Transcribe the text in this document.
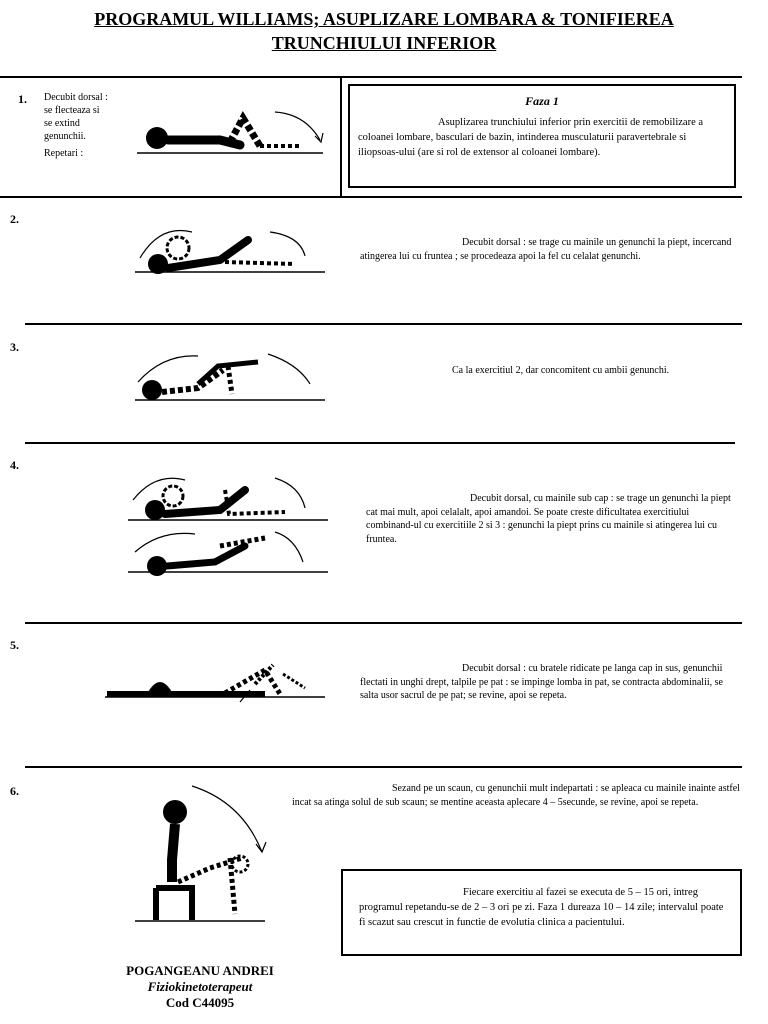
PROGRAMUL WILLIAMS; ASUPLIZARE LOMBARA & TONIFIEREA
TRUNCHIULUI INFERIOR
1. Decubit dorsal :
se flecteaza si
se extind
genunchii.
Repetari :
Faza 1
Asuplizarea trunchiului inferior prin exercitii de remobilizare a coloanei lombare, basculari de bazin, intinderea musculaturii paravertebrale si iliopsoas-ului (are si rol de extensor al coloanei lombare).
2.
Decubit dorsal : se trage cu mainile un genunchi la piept, incercand atingerea lui cu fruntea ; se procedeaza apoi la fel cu celalat genunchi.
3.
Ca la exercitiul 2, dar concomitent cu ambii genunchi.
4.
Decubit dorsal, cu mainile sub cap : se trage un genunchi la piept cat mai mult, apoi celalalt, apoi amandoi. Se poate creste dificultatea exercitiului combinand-ul cu exercitiile 2 si 3 : genunchi la piept prins cu mainile si atingerea lui cu fruntea.
5.
Decubit dorsal : cu bratele ridicate pe langa cap in sus, genunchii flectati in unghi drept, talpile pe pat : se impinge lomba in pat, se contracta abdominalii, se salta usor sacrul de pe pat; se revine, apoi se repeta.
6.	Sezand pe un scaun, cu genunchii mult indepartati : se apleaca cu mainile inainte astfel incat sa atinga solul de sub scaun; se mentine aceasta aplecare 4 – 5secunde, se revine, apoi se repeta.
Fiecare exercitiu al fazei se executa de 5 – 15 ori, intreg programul repetandu-se de 2 – 3 ori pe zi. Faza 1 dureaza 10 – 14 zile; intervalul poate fi scazut sau crescut in functie de evolutia clinica a pacientului.
POGANGEANU ANDREI
Fiziokinetoterapeut
Cod C44095
